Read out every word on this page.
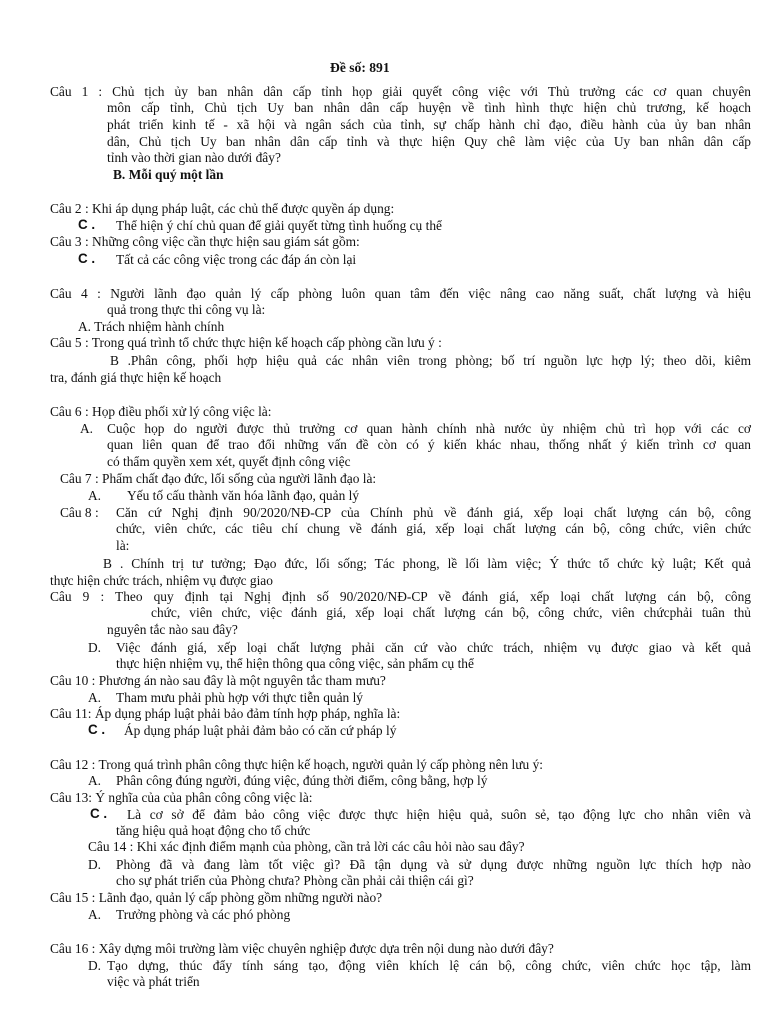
Đề số: 891
Câu 1 : Chủ tịch ủy ban nhân dân cấp tỉnh họp giải quyết công việc với Thủ trưởng các cơ quan chuyên
môn cấp tỉnh, Chủ tịch Uy ban nhân dân cấp huyện về tình hình thực hiện chủ trương, kế hoạch
phát triển kinh tế - xã hội và ngân sách của tỉnh, sự chấp hành chỉ đạo, điều hành của ủy ban nhân
dân, Chủ tịch Uy ban nhân dân cấp tỉnh và thực hiện Quy chê làm việc của Uy ban nhân dân cấp
tỉnh vào thời gian nào dưới đây?
B. Mỗi quý một lần
Câu 2 : Khi áp dụng pháp luật, các chủ thể được quyền áp dụng:
C . Thể hiện ý chí chủ quan để giải quyết từng tình huống cụ thể
Câu 3 : Những công việc cần thực hiện sau giám sát gồm:
C . Tất cả các công việc trong các đáp án còn lại
Câu 4 : Người lãnh đạo quản lý cấp phòng luôn quan tâm đến việc nâng cao năng suất, chất lượng và hiệu
quả trong thực thi công vụ là:
A. Trách nhiệm hành chính
Câu 5 : Trong quá trình tổ chức thực hiện kế hoạch cấp phòng cần lưu ý :
B .Phân công, phối hợp hiệu quả các nhân viên trong phòng; bố trí nguồn lực hợp lý; theo dõi, kiêm
tra, đánh giá thực hiện kế hoạch
Câu 6 : Họp điều phối xử lý công việc là:
A. Cuộc họp do người được thủ trưởng cơ quan hành chính nhà nước ủy nhiệm chủ trì họp với các cơ
quan liên quan để trao đổi những vấn đề còn có ý kiến khác nhau, thống nhất ý kiến trình cơ quan
có thẩm quyền xem xét, quyết định công việc
Câu 7 : Phẩm chất đạo đức, lối sống của người lãnh đạo là:
A. Yếu tố cấu thành văn hóa lãnh đạo, quản lý
Câu 8 : Căn cứ Nghị định 90/2020/NĐ-CP của Chính phủ về đánh giá, xếp loại chất lượng cán bộ, công
chức, viên chức, các tiêu chí chung về đánh giá, xếp loại chất lượng cán bộ, công chức, viên chức
là:
B . Chính trị tư tưởng; Đạo đức, lối sống; Tác phong, lề lối làm việc; Ý thức tổ chức kỷ luật; Kết quả
thực hiện chức trách, nhiệm vụ được giao
Câu 9 : Theo quy định tại Nghị định số 90/2020/NĐ-CP về đánh giá, xếp loại chất lượng cán bộ, công
chức, viên chức, việc đánh giá, xếp loại chất lượng cán bộ, công chức, viên chứcphải tuân thủ
nguyên tắc nào sau đây?
D. Việc đánh giá, xếp loại chất lượng phải căn cứ vào chức trách, nhiệm vụ được giao và kết quả
thực hiện nhiệm vụ, thể hiện thông qua công việc, sản phẩm cụ thể
Câu 10 : Phương án nào sau đây là một nguyên tắc tham mưu?
A. Tham mưu phải phù hợp với thực tiễn quản lý
Câu 11: Áp dụng pháp luật phải bảo đảm tính hợp pháp, nghĩa là:
C . Áp dụng pháp luật phải đảm bảo có căn cứ pháp lý
Câu 12 : Trong quá trình phân công thực hiện kế hoạch, người quản lý cấp phòng nên lưu ý:
A. Phân công đúng người, đúng việc, đúng thời điểm, công bằng, hợp lý
Câu 13: Ý nghĩa của của phân công công việc là:
C . Là cơ sở để đảm bảo công việc được thực hiện hiệu quả, suôn sẻ, tạo động lực cho nhân viên và
tăng hiệu quả hoạt động cho tổ chức
Câu 14 : Khi xác định điểm mạnh của phòng, cần trả lời các câu hỏi nào sau đây?
D. Phòng đã và đang làm tốt việc gì? Đã tận dụng và sử dụng được những nguồn lực thích hợp nào
cho sự phát triển của Phòng chưa? Phòng cần phải cải thiện cái gì?
Câu 15 : Lãnh đạo, quản lý cấp phòng gồm những người nào?
A. Trưởng phòng và các phó phòng
Câu 16 : Xây dựng môi trường làm việc chuyên nghiệp được dựa trên nội dung nào dưới đây?
D. Tạo dựng, thúc đẩy tính sáng tạo, động viên khích lệ cán bộ, công chức, viên chức học tập, làm
việc và phát triển
